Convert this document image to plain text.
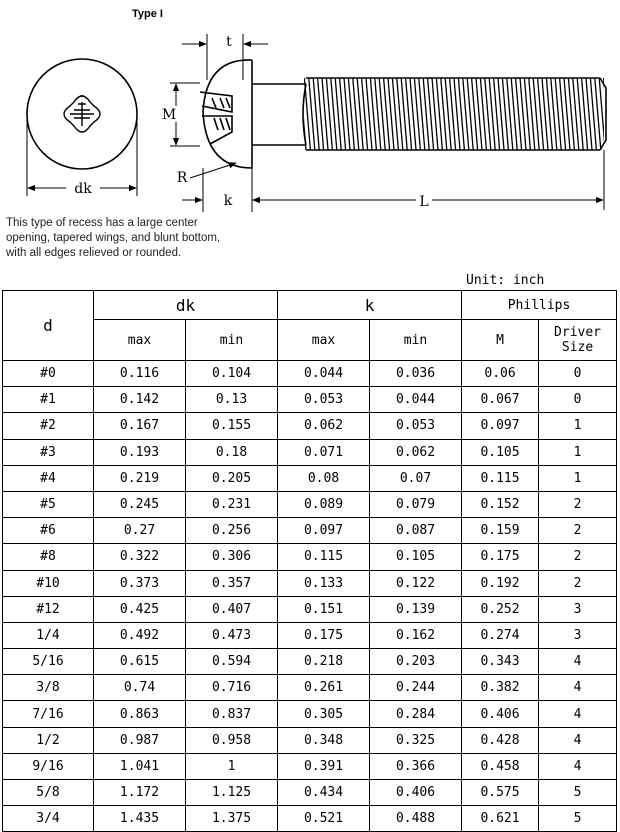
Type I
dk
M
t
R
k	L
This type of recess has a large center
opening, tapered wings, and blunt bottom,
with all edges relieved or rounded.
Unit: inch
d	dk		k		Phillips	
	max	min	max	min	M	Driver
Size

#0	0.116	0.104	0.044	0.036	0.06	0
#1	0.142	0.13	0.053	0.044	0.067	0
#2	0.167	0.155	0.062	0.053	0.097	1
#3	0.193	0.18	0.071	0.062	0.105	1
#4	0.219	0.205	0.08	0.07	0.115	1
#5	0.245	0.231	0.089	0.079	0.152	2
#6	0.27	0.256	0.097	0.087	0.159	2
#8	0.322	0.306	0.115	0.105	0.175	2
#10	0.373	0.357	0.133	0.122	0.192	2
#12	0.425	0.407	0.151	0.139	0.252	3
1/4	0.492	0.473	0.175	0.162	0.274	3
5/16	0.615	0.594	0.218	0.203	0.343	4
3/8	0.74	0.716	0.261	0.244	0.382	4
7/16	0.863	0.837	0.305	0.284	0.406	4
1/2	0.987	0.958	0.348	0.325	0.428	4
9/16	1.041	1	0.391	0.366	0.458	4
5/8	1.172	1.125	0.434	0.406	0.575	5
3/4	1.435	1.375	0.521	0.488	0.621	5
